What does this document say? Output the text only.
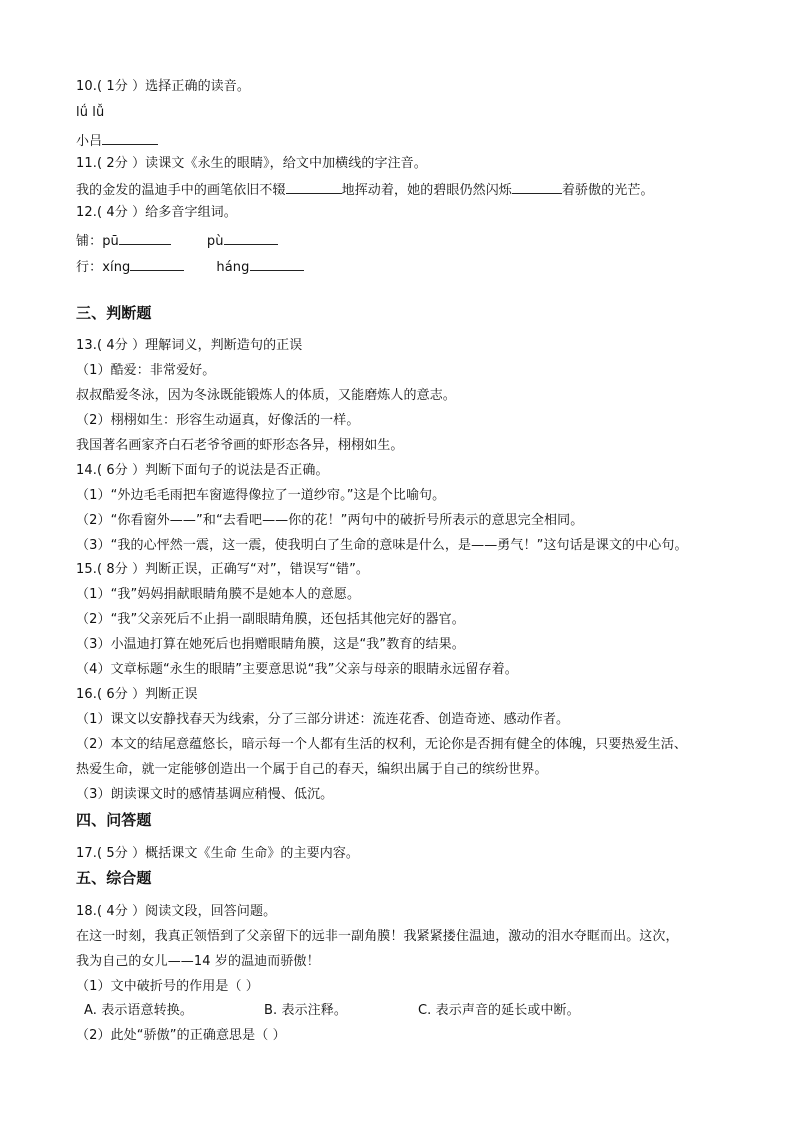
10.( 1分 ）选择正确的读音。
lǘ lǚ
小吕
11.( 2分 ）读课文《永生的眼睛》，给文中加横线的字注音。
我的金发的温迪手中的画笔依旧不辍	地挥动着，她的碧眼仍然闪烁	着骄傲的光芒。
12.( 4分 ）给多音字组词。
铺：pū	pù
行：xíng	háng
三、判断题
13.( 4分 ）理解词义，判断造句的正误
（1）酷爱：非常爱好。
叔叔酷爱冬泳，因为冬泳既能锻炼人的体质，又能磨炼人的意志。
（2）栩栩如生：形容生动逼真，好像活的一样。
我国著名画家齐白石老爷爷画的虾形态各异，栩栩如生。
14.( 6分 ）判断下面句子的说法是否正确。
（1）“外边毛毛雨把车窗遮得像拉了一道纱帘。”这是个比喻句。
（2）“你看窗外——”和“去看吧——你的花！”两句中的破折号所表示的意思完全相同。
（3）“我的心怦然一震，这一震，使我明白了生命的意味是什么，是——勇气！”这句话是课文的中心句。
15.( 8分 ）判断正误，正确写“对”，错误写“错”。
（1）“我”妈妈捐献眼睛角膜不是她本人的意愿。
（2）“我”父亲死后不止捐一副眼睛角膜，还包括其他完好的器官。
（3）小温迪打算在她死后也捐赠眼睛角膜，这是“我”教育的结果。
（4）文章标题“永生的眼睛”主要意思说“我”父亲与母亲的眼睛永远留存着。
16.( 6分 ）判断正误
（1）课文以安静找春天为线索，分了三部分讲述：流连花香、创造奇迹、感动作者。
（2）本文的结尾意蕴悠长，暗示每一个人都有生活的权利，无论你是否拥有健全的体魄，只要热爱生活、
热爱生命，就一定能够创造出一个属于自己的春天，编织出属于自己的缤纷世界。
（3）朗读课文时的感情基调应稍慢、低沉。
四、问答题
17.( 5分 ）概括课文《生命 生命》的主要内容。
五、综合题
18.( 4分 ）阅读文段，回答问题。
在这一时刻，我真正领悟到了父亲留下的远非一副角膜！我紧紧搂住温迪，激动的泪水夺眶而出。这次，
我为自己的女儿——14 岁的温迪而骄傲！
（1）文中破折号的作用是（ ）
A. 表示语意转换。	B. 表示注释。	C. 表示声音的延长或中断。
（2）此处“骄傲”的正确意思是（ ）
